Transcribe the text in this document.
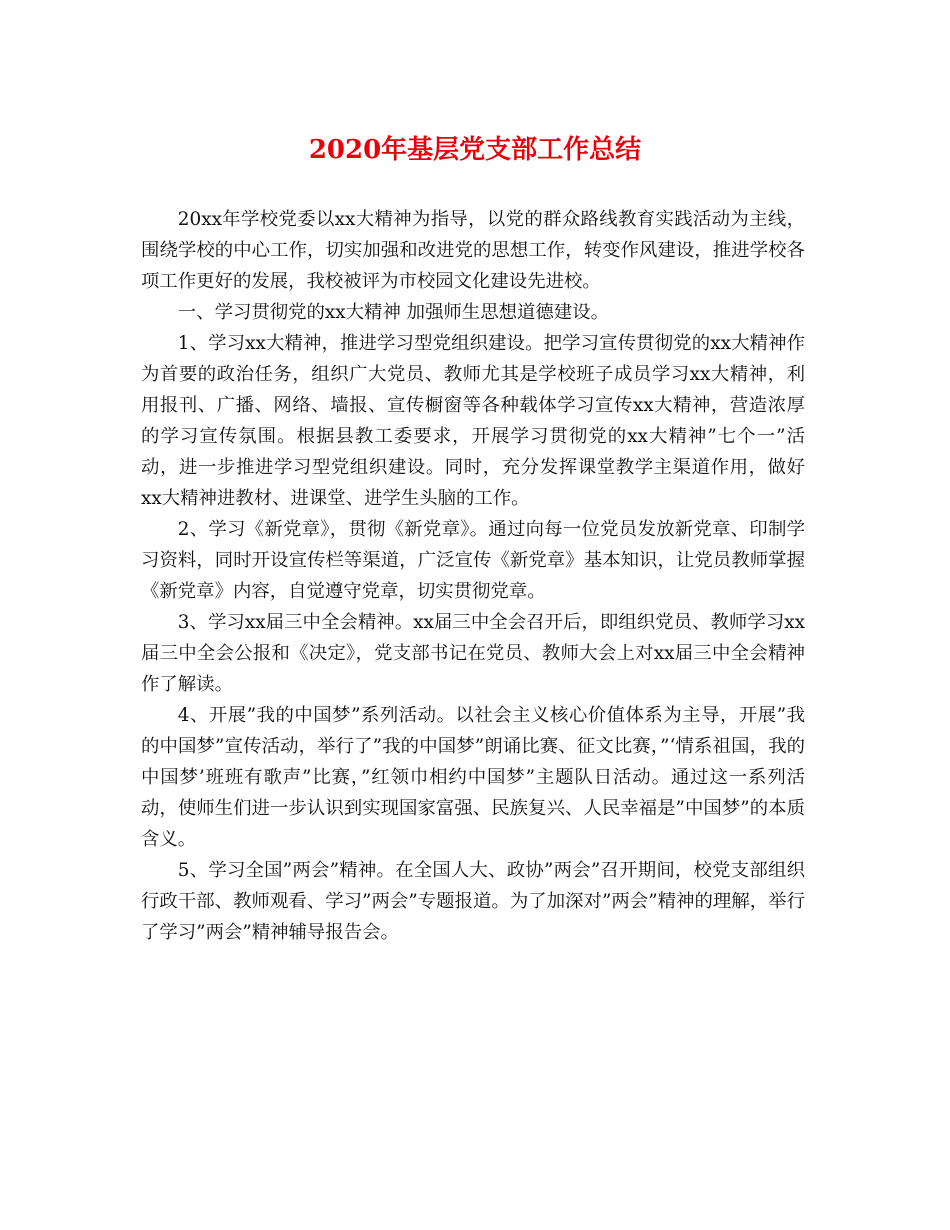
2020年基层党支部工作总结

20xx年学校党委以xx大精神为指导，以党的群众路线教育实践活动为主线，围绕学校的中心工作，切实加强和改进党的思想工作，转变作风建设，推进学校各项工作更好的发展，我校被评为市校园文化建设先进校。

一、学习贯彻党的xx大精神 加强师生思想道德建设。

1、学习xx大精神，推进学习型党组织建设。把学习宣传贯彻党的xx大精神作为首要的政治任务，组织广大党员、教师尤其是学校班子成员学习xx大精神，利用报刊、广播、网络、墙报、宣传橱窗等各种载体学习宣传xx大精神，营造浓厚的学习宣传氛围。根据县教工委要求，开展学习贯彻党的xx大精神”七个一”活动，进一步推进学习型党组织建设。同时，充分发挥课堂教学主渠道作用，做好xx大精神进教材、进课堂、进学生头脑的工作。

2、学习《新党章》，贯彻《新党章》。通过向每一位党员发放新党章、印制学习资料，同时开设宣传栏等渠道，广泛宣传《新党章》基本知识，让党员教师掌握《新党章》内容，自觉遵守党章，切实贯彻党章。

3、学习xx届三中全会精神。xx届三中全会召开后，即组织党员、教师学习xx届三中全会公报和《决定》，党支部书记在党员、教师大会上对xx届三中全会精神作了解读。

4、开展”我的中国梦”系列活动。以社会主义核心价值体系为主导，开展”我的中国梦”宣传活动，举行了”我的中国梦”朗诵比赛、征文比赛，”‘情系祖国，我的中国梦’班班有歌声”比赛，”红领巾相约中国梦”主题队日活动。通过这一系列活动，使师生们进一步认识到实现国家富强、民族复兴、人民幸福是”中国梦”的本质含义。

5、学习全国”两会”精神。在全国人大、政协”两会”召开期间，校党支部组织行政干部、教师观看、学习”两会”专题报道。为了加深对”两会”精神的理解，举行了学习”两会”精神辅导报告会。
